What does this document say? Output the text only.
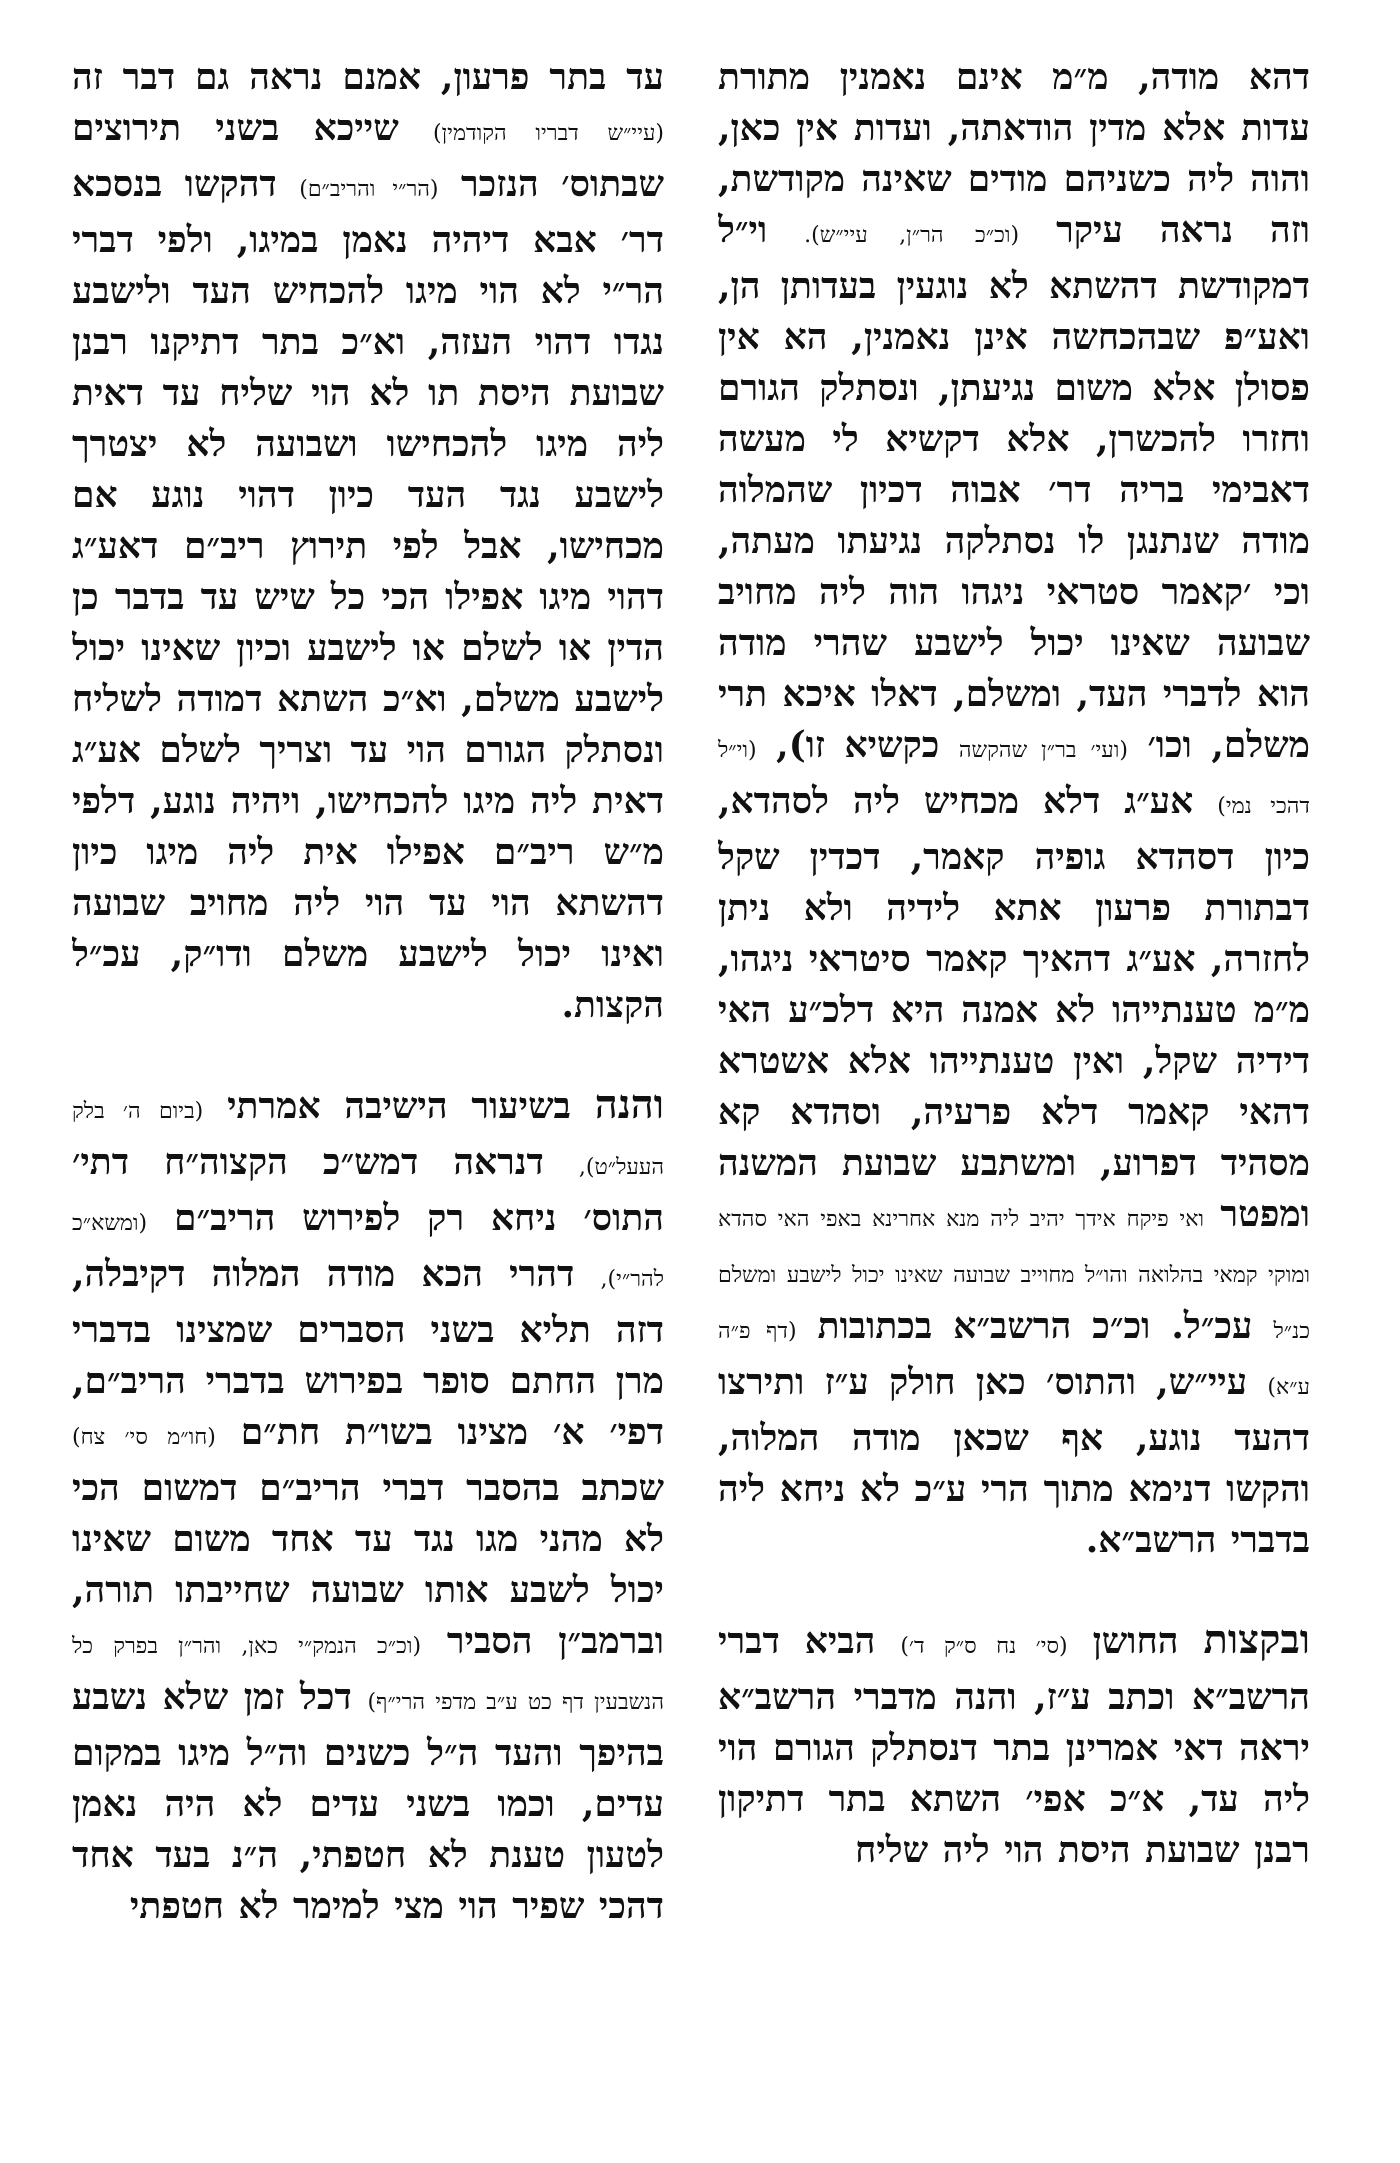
דהא מודה, מ״מ אינם נאמנין מתורת עדות אלא מדין הודאתה, ועדות אין כאן, והוה ליה כשניהם מודים שאינה מקודשת, וזה נראה עיקר (וכ״כ הר״ן, עיי״ש). וי״ל דמקודשת דהשתא לא נוגעין בעדותן הן, ואע״פ שבהכחשה אינן נאמנין, הא אין פסולן אלא משום נגיעתן, ונסתלק הגורם וחזרו להכשרן, אלא דקשיא לי מעשה דאבימי בריה דר׳ אבוה דכיון שהמלוה מודה שנתנגן לו נסתלקה נגיעתו מעתה, וכי ׳קאמר סטראי ניגהו הוה ליה מחויב שבועה שאינו יכול לישבע שהרי מודה הוא לדברי העד, ומשלם, דאלו איכא תרי משלם, וכו׳ (ועי׳ בר״ן שהקשה כקשיא זו), (וי״ל דהכי נמי) אע״ג דלא מכחיש ליה לסהדא, כיון דסהדא גופיה קאמר, דכדין שקל דבתורת פרעון אתא לידיה ולא ניתן לחזרה, אע״ג דהאיך קאמר סיטראי ניגהו, מ״מ טענתייהו לא אמנה היא דלכ״ע האי דידיה שקל, ואין טענתייהו אלא אשטרא דהאי קאמר דלא פרעיה, וסהדא קא מסהיד דפרוע, ומשתבע שבועת המשנה ומפטר ואי פיקח אידך יהיב ליה מנא אחרינא באפי האי סהדא ומוקי קמאי בהלואה והו״ל מחוייב שבועה שאינו יכול לישבע ומשלם כנ״ל עכ״ל. וכ״כ הרשב״א בכתובות (דף פ״ה ע״א) עיי״ש, והתוס׳ כאן חולק ע״ז ותירצו דהעד נוגע, אף שכאן מודה המלוה, והקשו דנימא מתוך הרי ע״כ לא ניחא ליה בדברי הרשב״א.

ובקצות החושן (סי׳ נח ס״ק ד׳) הביא דברי הרשב״א וכתב ע״ז, והנה מדברי הרשב״א יראה דאי אמרינן בתר דנסתלק הגורם הוי ליה עד, א״כ אפי׳ השתא בתר דתיקון רבנן שבועת היסת הוי ליה שליח

עד בתר פרעון, אמנם נראה גם דבר זה (עיי״ש דבריו הקודמין) שייכא בשני תירוצים שבתוס׳ הנזכר (הר״י והריב״ם) דהקשו בנסכא דר׳ אבא דיהיה נאמן במיגו, ולפי דברי הר״י לא הוי מיגו להכחיש העד ולישבע נגדו דהוי העזה, וא״כ בתר דתיקנו רבנן שבועת היסת תו לא הוי שליח עד דאית ליה מיגו להכחישו ושבועה לא יצטרך לישבע נגד העד כיון דהוי נוגע אם מכחישו, אבל לפי תירוץ ריב״ם דאע״ג דהוי מיגו אפילו הכי כל שיש עד בדבר כן הדין או לשלם או לישבע וכיון שאינו יכול לישבע משלם, וא״כ השתא דמודה לשליח ונסתלק הגורם הוי עד וצריך לשלם אע״ג דאית ליה מיגו להכחישו, ויהיה נוגע, דלפי מ״ש ריב״ם אפילו אית ליה מיגו כיון דהשתא הוי עד הוי ליה מחויב שבועה ואינו יכול לישבע משלם ודו״ק, עכ״ל הקצות.

והנה בשיעור הישיבה אמרתי (ביום ה׳ בלק העעל״ט), דנראה דמש״כ הקצוה״ח דתי׳ התוס׳ ניחא רק לפירוש הריב״ם (ומשא״כ להר״י), דהרי הכא מודה המלוה דקיבלה, דזה תליא בשני הסברים שמצינו בדברי מרן החתם סופר בפירוש בדברי הריב״ם, דפי׳ א׳ מצינו בשו״ת חת״ם (חו״מ סי׳ צח) שכתב בהסבר דברי הריב״ם דמשום הכי לא מהני מגו נגד עד אחד משום שאינו יכול לשבע אותו שבועה שחייבתו תורה, וברמב״ן הסביר (וכ״כ הנמק״י כאן, והר״ן בפרק כל הנשבעין דף כט ע״ב מדפי הרי״ף) דכל זמן שלא נשבע בהיפך והעד ה״ל כשנים וה״ל מיגו במקום עדים, וכמו בשני עדים לא היה נאמן לטעון טענת לא חטפתי, ה״נ בעד אחד דהכי שפיר הוי מצי למימר לא חטפתי
